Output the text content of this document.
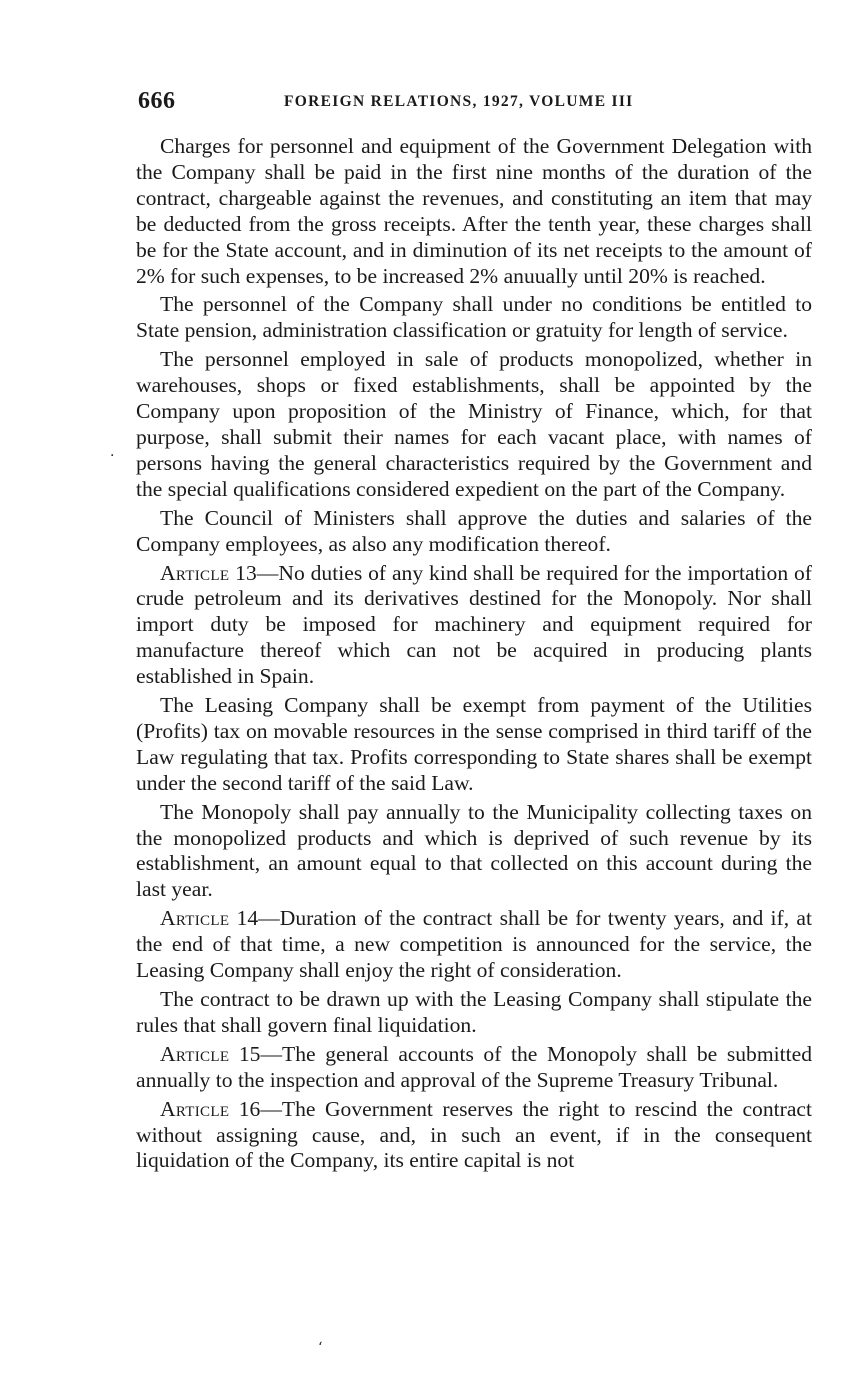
666	FOREIGN RELATIONS, 1927, VOLUME III

Charges for personnel and equipment of the Government Delegation with the Company shall be paid in the first nine months of the duration of the contract, chargeable against the revenues, and constituting an item that may be deducted from the gross receipts. After the tenth year, these charges shall be for the State account, and in diminution of its net receipts to the amount of 2% for such expenses, to be increased 2% anuually until 20% is reached.

The personnel of the Company shall under no conditions be entitled to State pension, administration classification or gratuity for length of service.

The personnel employed in sale of products monopolized, whether in warehouses, shops or fixed establishments, shall be appointed by the Company upon proposition of the Ministry of Finance, which, for that purpose, shall submit their names for each vacant place, with names of persons having the general characteristics required by the Government and the special qualifications considered expedient on the part of the Company.

The Council of Ministers shall approve the duties and salaries of the Company employees, as also any modification thereof.

Article 13—No duties of any kind shall be required for the importation of crude petroleum and its derivatives destined for the Monopoly. Nor shall import duty be imposed for machinery and equipment required for manufacture thereof which can not be acquired in producing plants established in Spain.

The Leasing Company shall be exempt from payment of the Utilities (Profits) tax on movable resources in the sense comprised in third tariff of the Law regulating that tax. Profits corresponding to State shares shall be exempt under the second tariff of the said Law.

The Monopoly shall pay annually to the Municipality collecting taxes on the monopolized products and which is deprived of such revenue by its establishment, an amount equal to that collected on this account during the last year.

Article 14—Duration of the contract shall be for twenty years, and if, at the end of that time, a new competition is announced for the service, the Leasing Company shall enjoy the right of consideration.

The contract to be drawn up with the Leasing Company shall stipulate the rules that shall govern final liquidation.

Article 15—The general accounts of the Monopoly shall be submitted annually to the inspection and approval of the Supreme Treasury Tribunal.

Article 16—The Government reserves the right to rescind the contract without assigning cause, and, in such an event, if in the consequent liquidation of the Company, its entire capital is not

·
ʻ
